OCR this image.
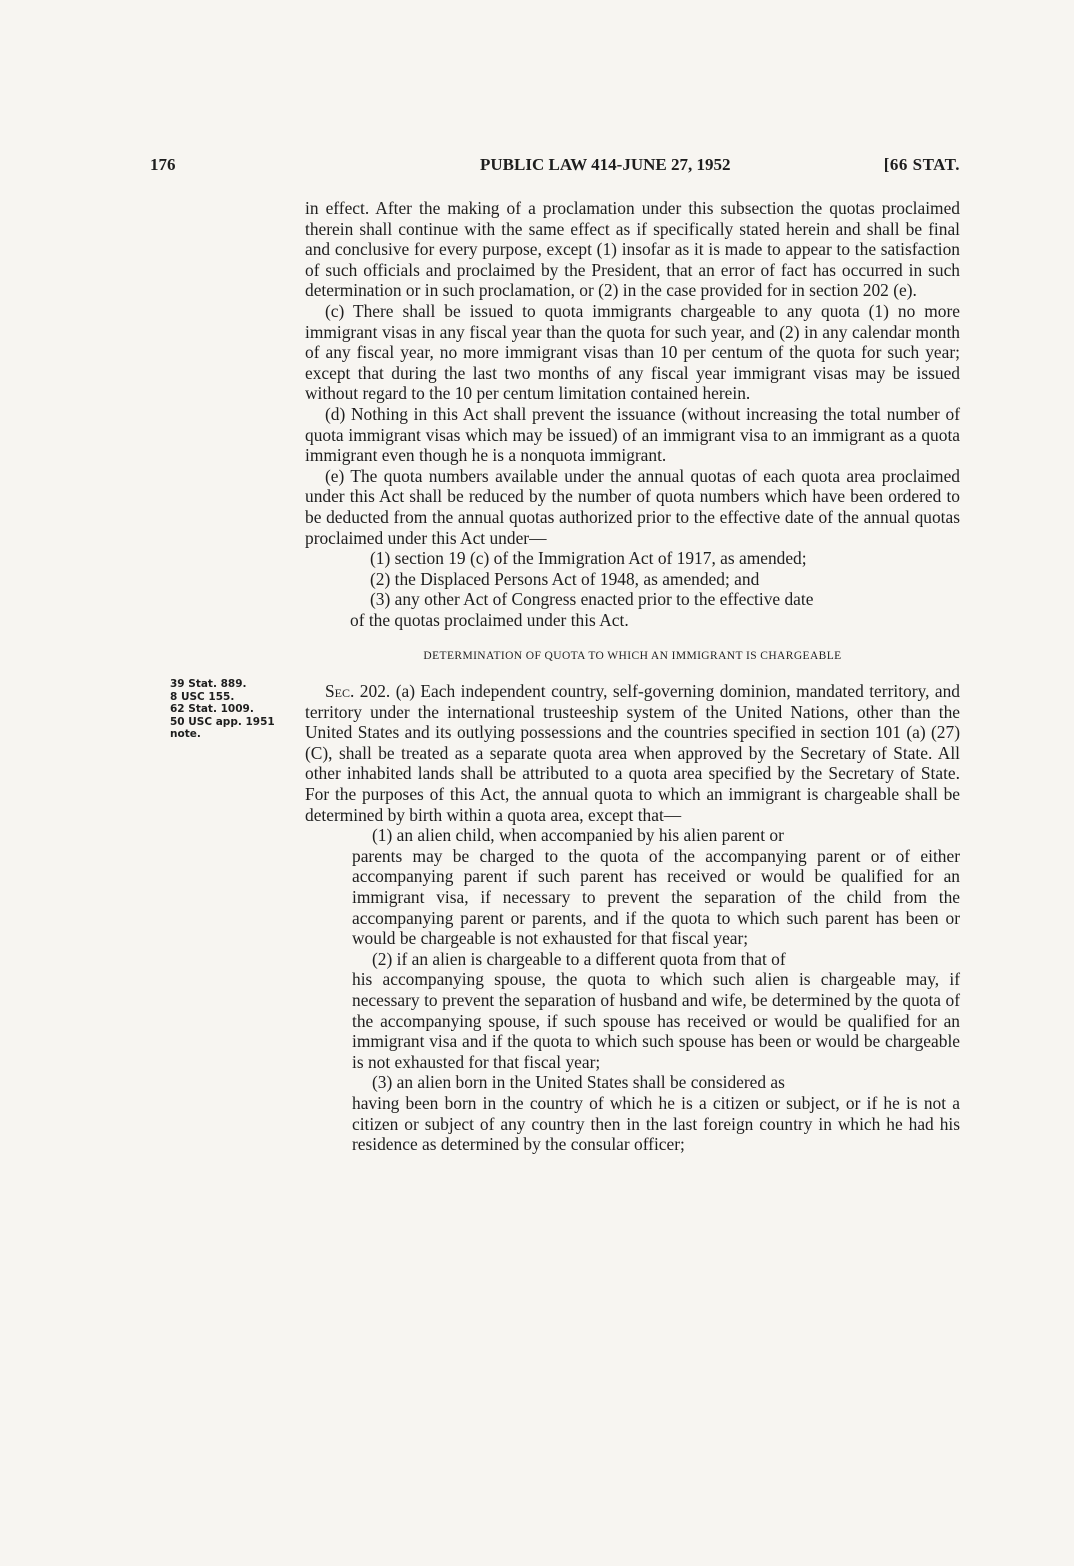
176	PUBLIC LAW 414-JUNE 27, 1952	[66 STAT.
39 Stat. 889.
8 USC 155.
62 Stat. 1009.
50 USC app. 1951
note.

in effect. After the making of a proclamation under this subsection the quotas proclaimed therein shall continue with the same effect as if specifically stated herein and shall be final and conclusive for every purpose, except (1) insofar as it is made to appear to the satisfaction of such officials and proclaimed by the President, that an error of fact has occurred in such determination or in such proclamation, or (2) in the case provided for in section 202 (e).

(c) There shall be issued to quota immigrants chargeable to any quota (1) no more immigrant visas in any fiscal year than the quota for such year, and (2) in any calendar month of any fiscal year, no more immigrant visas than 10 per centum of the quota for such year; except that during the last two months of any fiscal year immigrant visas may be issued without regard to the 10 per centum limitation contained herein.

(d) Nothing in this Act shall prevent the issuance (without increasing the total number of quota immigrant visas which may be issued) of an immigrant visa to an immigrant as a quota immigrant even though he is a nonquota immigrant.

(e) The quota numbers available under the annual quotas of each quota area proclaimed under this Act shall be reduced by the number of quota numbers which have been ordered to be deducted from the annual quotas authorized prior to the effective date of the annual quotas proclaimed under this Act under—

(1) section 19 (c) of the Immigration Act of 1917, as amended;

(2) the Displaced Persons Act of 1948, as amended; and

(3) any other Act of Congress enacted prior to the effective date

of the quotas proclaimed under this Act.

DETERMINATION OF QUOTA TO WHICH AN IMMIGRANT IS CHARGEABLE

Sec. 202. (a) Each independent country, self-governing dominion, mandated territory, and territory under the international trusteeship system of the United Nations, other than the United States and its outlying possessions and the countries specified in section 101 (a) (27) (C), shall be treated as a separate quota area when approved by the Secretary of State. All other inhabited lands shall be attributed to a quota area specified by the Secretary of State. For the purposes of this Act, the annual quota to which an immigrant is chargeable shall be determined by birth within a quota area, except that—

(1) an alien child, when accompanied by his alien parent or

parents may be charged to the quota of the accompanying parent or of either accompanying parent if such parent has received or would be qualified for an immigrant visa, if necessary to prevent the separation of the child from the accompanying parent or parents, and if the quota to which such parent has been or would be chargeable is not exhausted for that fiscal year;

(2) if an alien is chargeable to a different quota from that of

his accompanying spouse, the quota to which such alien is chargeable may, if necessary to prevent the separation of husband and wife, be determined by the quota of the accompanying spouse, if such spouse has received or would be qualified for an immigrant visa and if the quota to which such spouse has been or would be chargeable is not exhausted for that fiscal year;

(3) an alien born in the United States shall be considered as

having been born in the country of which he is a citizen or subject, or if he is not a citizen or subject of any country then in the last foreign country in which he had his residence as determined by the consular officer;
